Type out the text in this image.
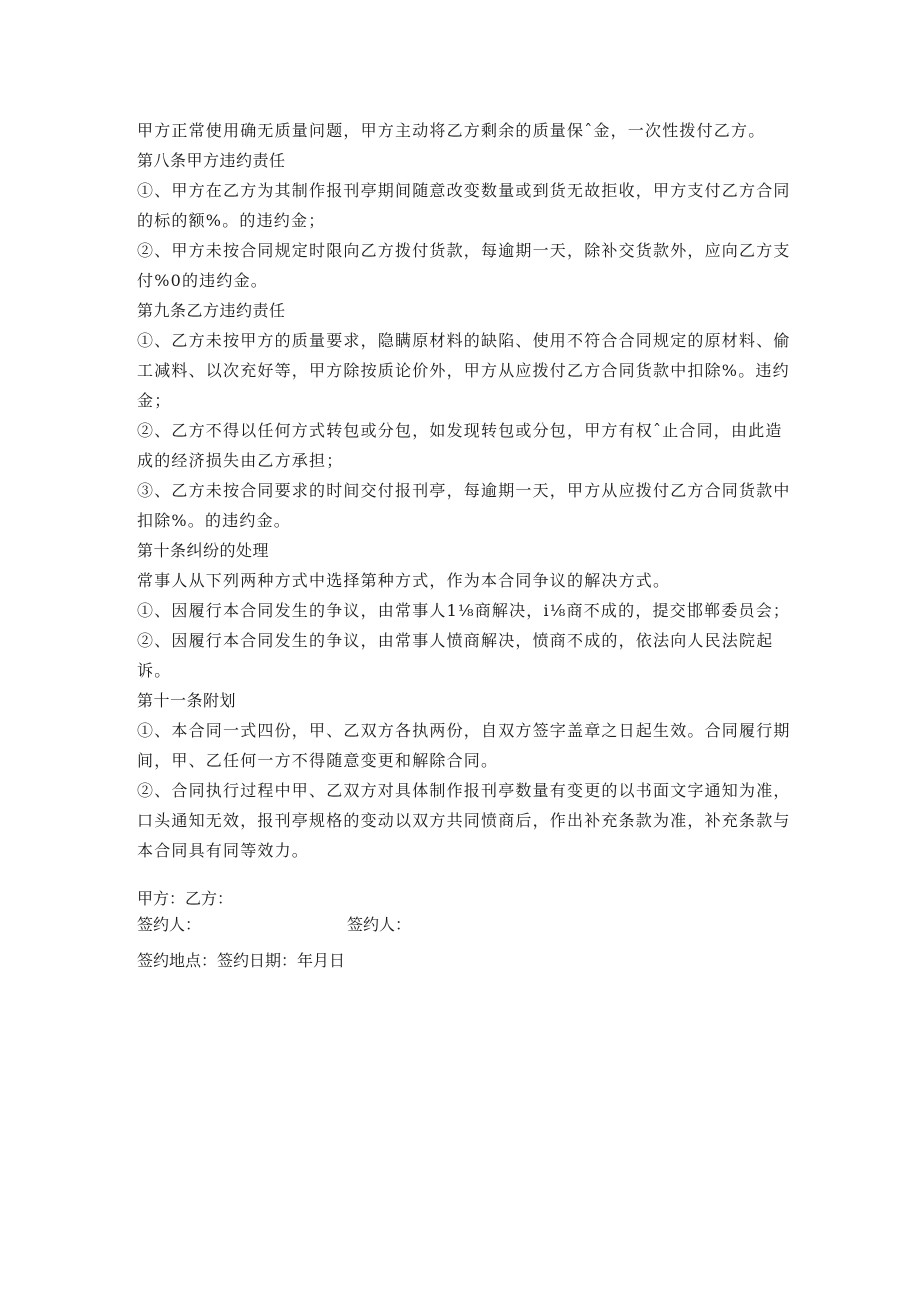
甲方正常使用确无质量问题，甲方主动将乙方剩余的质量保ˆ金，一次性拨付乙方。
第八条甲方违约责任
①、甲方在乙方为其制作报刊亭期间随意改变数量或到货无故拒收，甲方支付乙方合同
的标的额%。的违约金；
②、甲方未按合同规定时限向乙方拨付货款，每逾期一天，除补交货款外，应向乙方支
付%0的违约金。
第九条乙方违约责任
①、乙方未按甲方的质量要求，隐瞒原材料的缺陷、使用不符合合同规定的原材料、偷
工减料、以次充好等，甲方除按质论价外，甲方从应拨付乙方合同货款中扣除%。违约
金；
②、乙方不得以任何方式转包或分包，如发现转包或分包，甲方有权ˆ止合同，由此造
成的经济损失由乙方承担；
③、乙方未按合同要求的时间交付报刊亭，每逾期一天，甲方从应拨付乙方合同货款中
扣除%。的违约金。
第十条纠纷的处理
常事人从下列两种方式中选择第种方式，作为本合同争议的解决方式。
①、因履行本合同发生的争议，由常事人1⅛商解决，i⅛商不成的，提交邯郸委员会；
②、因履行本合同发生的争议，由常事人愤商解决，愤商不成的，依法向人民法院起
诉。
第十一条附划
①、本合同一式四份，甲、乙双方各执两份，自双方签字盖章之日起生效。合同履行期
间，甲、乙任何一方不得随意变更和解除合同。
②、合同执行过程中甲、乙双方对具体制作报刊亭数量有变更的以书面文字通知为准，
口头通知无效，报刊亭规格的变动以双方共同愤商后，作出补充条款为准，补充条款与
本合同具有同等效力。
甲方：乙方：
签约人：	签约人：
签约地点：签约日期：年月日
